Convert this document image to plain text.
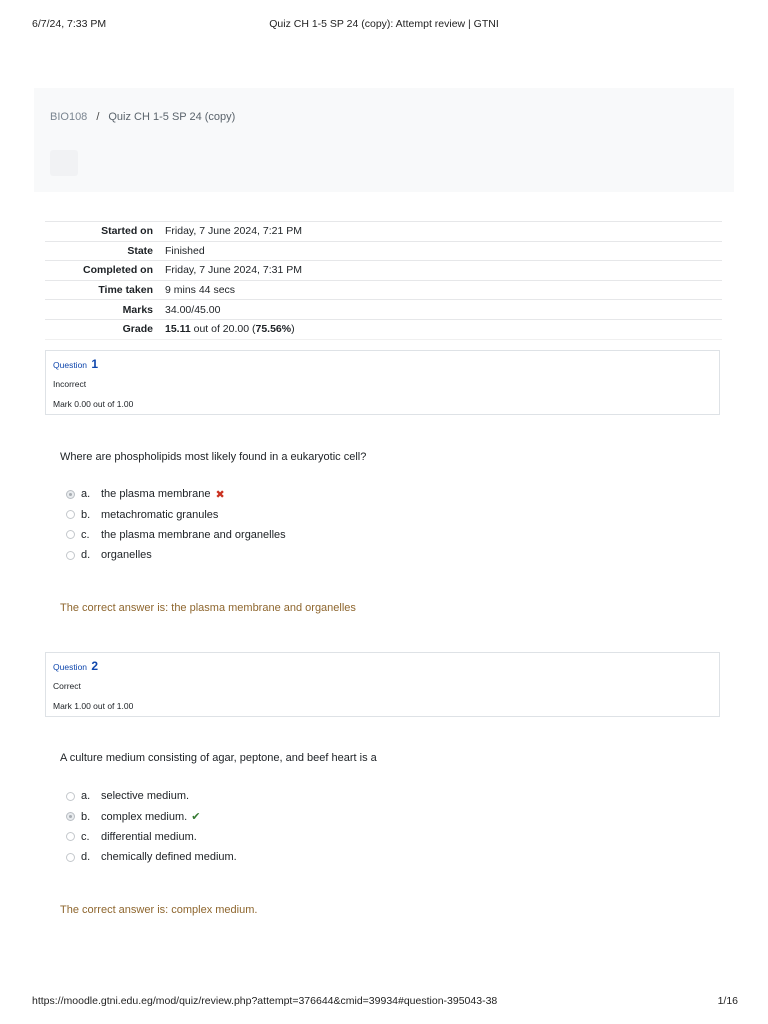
6/7/24, 7:33 PM	Quiz CH 1-5 SP 24 (copy): Attempt review | GTNI
BIO108 / Quiz CH 1-5 SP 24 (copy)
Started on	Friday, 7 June 2024, 7:21 PM
State	Finished
Completed on	Friday, 7 June 2024, 7:31 PM
Time taken	9 mins 44 secs
Marks	34.00/45.00
Grade	15.11 out of 20.00 (75.56%)
Question 1
Incorrect
Mark 0.00 out of 1.00
Where are phospholipids most likely found in a eukaryotic cell?
a. the plasma membrane ✖
b. metachromatic granules
c.	the plasma membrane and organelles
d. organelles
The correct answer is: the plasma membrane and organelles
Question 2
Correct
Mark 1.00 out of 1.00
A culture medium consisting of agar, peptone, and beef heart is a
a. selective medium.
b. complex medium. ✔
c.	differential medium.
d. chemically defined medium.
The correct answer is: complex medium.
https://moodle.gtni.edu.eg/mod/quiz/review.php?attempt=376644&cmid=39934#question-395043-38	1/16
